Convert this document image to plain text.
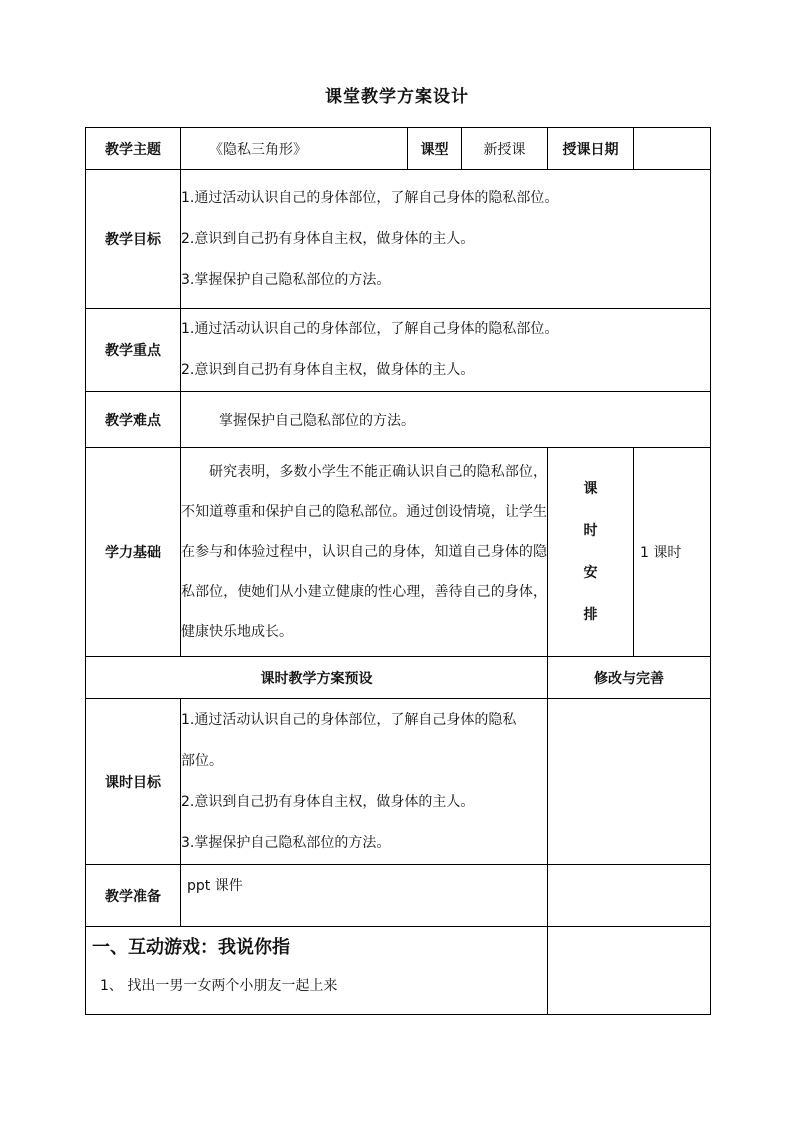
课堂教学方案设计
教学主题	《隐私三角形》	课型	新授课	授课日期	
教学目标	1.通过活动认识自己的身体部位，了解自己身体的隐私部位。
2.意识到自己扔有身体自主权，做身体的主人。
3.掌握保护自己隐私部位的方法。				

教学重点	1.通过活动认识自己的身体部位，了解自己身体的隐私部位。
2.意识到自己扔有身体自主权，做身体的主人。				

教学难点	掌握保护自己隐私部位的方法。				
学力基础	研究表明，多数小学生不能正确认识自己的隐私部位，不知道尊重和保护自己的隐私部位。通过创设情境，让学生在参与和体验过程中，认识自己的身体，知道自己身体的隐私部位，使她们从小建立健康的性心理，善待自己的身体，健康快乐地成长。			课
时
安
排	1 课时
课时教学方案预设				修改与完善	
课时目标	1.通过活动认识自己的身体部位，了解自己身体的隐私
部位。
2.意识到自己扔有身体自主权，做身体的主人。
3.掌握保护自己隐私部位的方法。				

教学准备	ppt 课件				

一、互动游戏：我说你指
1、 找出一男一女两个小朋友一起上来					
